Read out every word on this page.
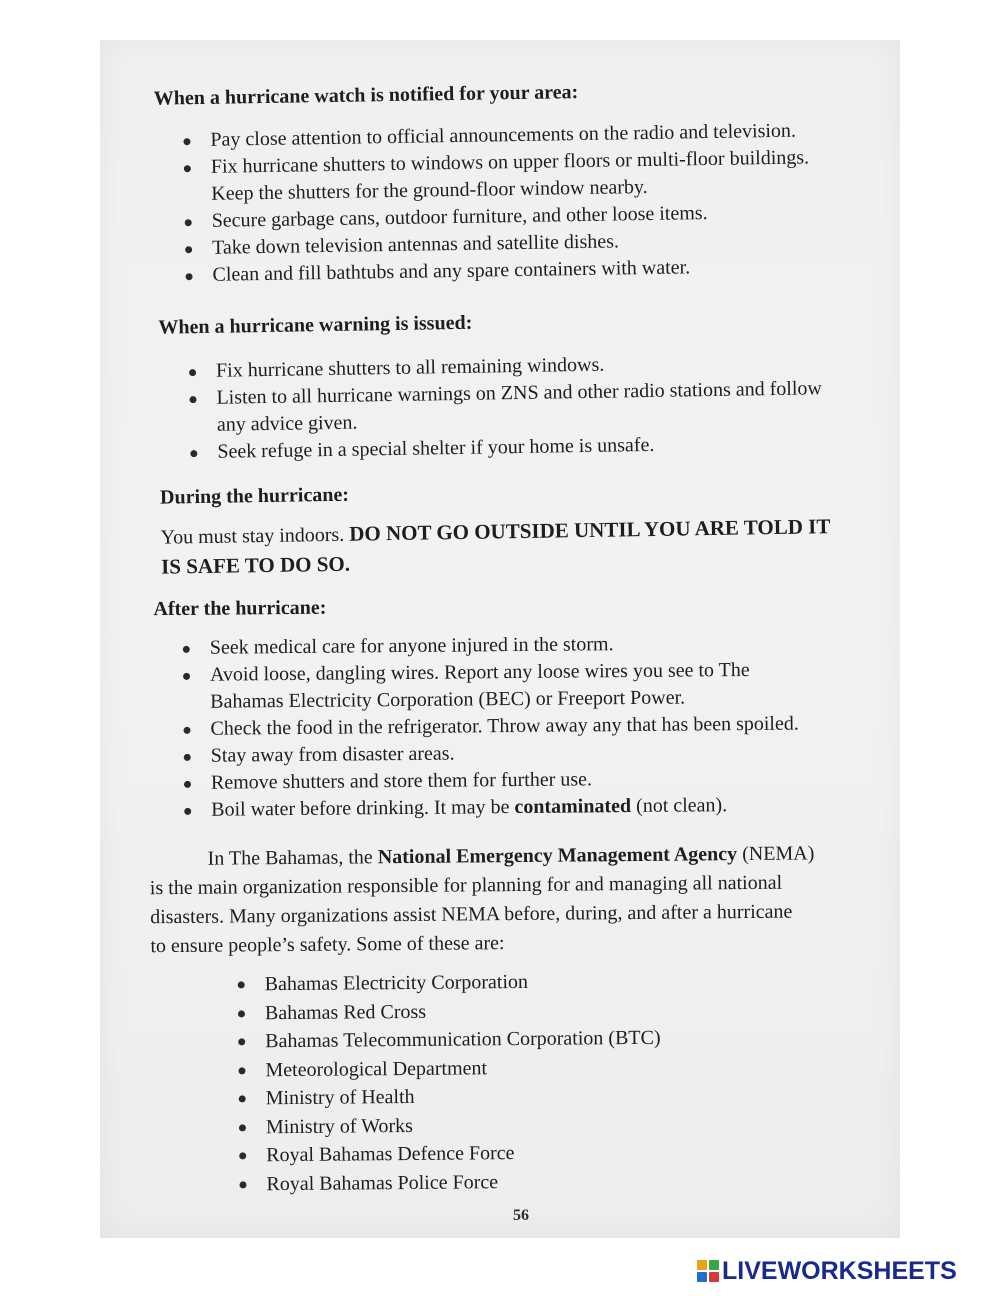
When a hurricane watch is notified for your area:
Pay close attention to official announcements on the radio and television.
Fix hurricane shutters to windows on upper floors or multi-floor buildings.
Keep the shutters for the ground-floor window nearby.
Secure garbage cans, outdoor furniture, and other loose items.
Take down television antennas and satellite dishes.
Clean and fill bathtubs and any spare containers with water.
When a hurricane warning is issued:
Fix hurricane shutters to all remaining windows.
Listen to all hurricane warnings on ZNS and other radio stations and follow
any advice given.
Seek refuge in a special shelter if your home is unsafe.
During the hurricane:
You must stay indoors. DO NOT GO OUTSIDE UNTIL YOU ARE TOLD IT
IS SAFE TO DO SO.
After the hurricane:
Seek medical care for anyone injured in the storm.
Avoid loose, dangling wires. Report any loose wires you see to The
Bahamas Electricity Corporation (BEC) or Freeport Power.
Check the food in the refrigerator. Throw away any that has been spoiled.
Stay away from disaster areas.
Remove shutters and store them for further use.
Boil water before drinking. It may be contaminated (not clean).
In The Bahamas, the National Emergency Management Agency (NEMA)
is the main organization responsible for planning for and managing all national
disasters. Many organizations assist NEMA before, during, and after a hurricane
to ensure people’s safety. Some of these are:
Bahamas Electricity Corporation
Bahamas Red Cross
Bahamas Telecommunication Corporation (BTC)
Meteorological Department
Ministry of Health
Ministry of Works
Royal Bahamas Defence Force
Royal Bahamas Police Force
56
LIVEWORKSHEETS
